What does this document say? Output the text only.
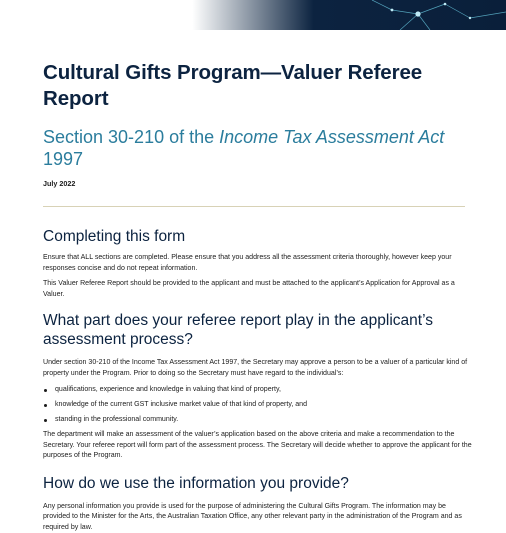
Cultural Gifts Program—Valuer Referee Report
Section 30-210 of the Income Tax Assessment Act 1997
July 2022
Completing this form

Ensure that ALL sections are completed. Please ensure that you address all the assessment criteria thoroughly, however keep your responses concise and do not repeat information.

This Valuer Referee Report should be provided to the applicant and must be attached to the applicant’s Application for Approval as a Valuer.

What part does your referee report play in the applicant’s assessment process?

Under section 30-210 of the Income Tax Assessment Act 1997, the Secretary may approve a person to be a valuer of a particular kind of property under the Program. Prior to doing so the Secretary must have regard to the individual’s:

qualifications, experience and knowledge in valuing that kind of property,
knowledge of the current GST inclusive market value of that kind of property, and
standing in the professional community.

The department will make an assessment of the valuer’s application based on the above criteria and make a recommendation to the Secretary. Your referee report will form part of the assessment process. The Secretary will decide whether to approve the applicant for the purposes of the Program.

How do we use the information you provide?

Any personal information you provide is used for the purpose of administering the Cultural Gifts Program. The information may be provided to the Minister for the Arts, the Australian Taxation Office, any other relevant party in the administration of the Program and as required by law.
